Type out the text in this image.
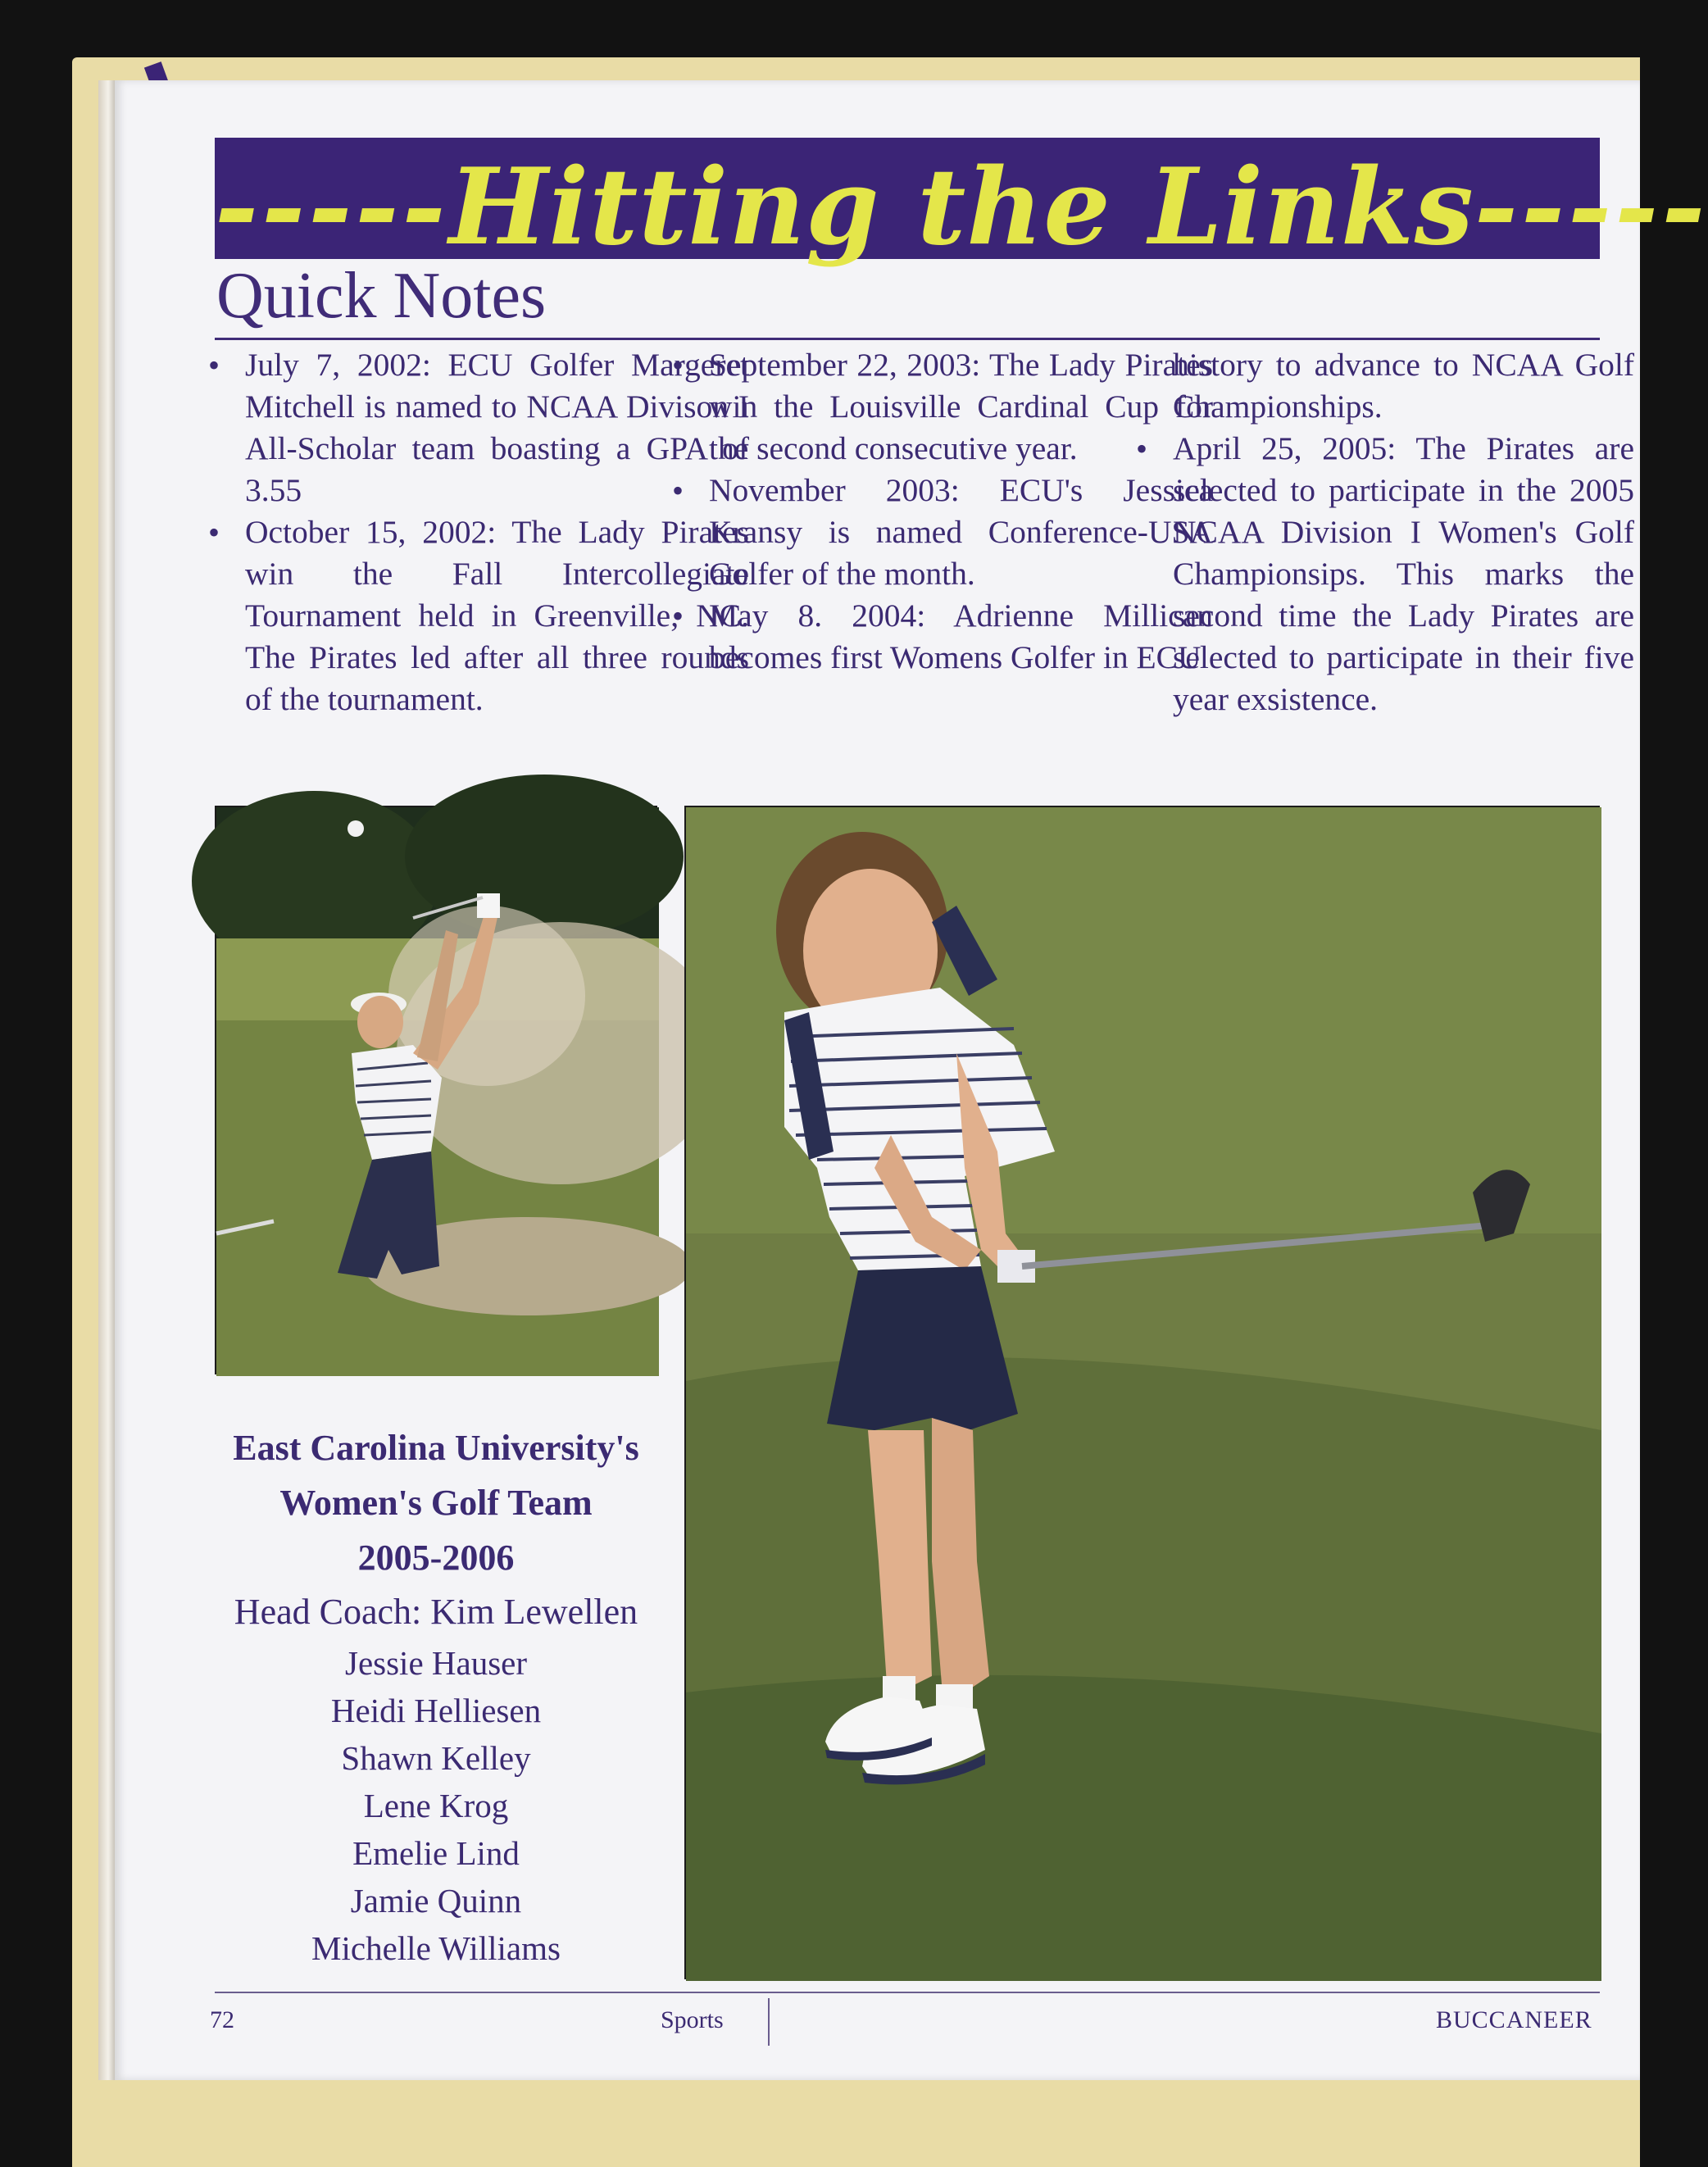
-----Hitting the Links-----
Quick Notes
• July 7, 2002: ECU Golfer Margeret Mitchell is named to NCAA Divison I All-Scholar team boasting a GPA of 3.55
• October 15, 2002: The Lady Pirates win the Fall Intercollegiate Tournament held in Greenville, NC. The Pirates led after all three rounds of the tournament.
• September 22, 2003: The Lady Pirates win the Louisville Cardinal Cup for the second consecutive year.
• November 2003: ECU's Jessica Kransy is named Conference-USA Golfer of the month.
• May 8. 2004: Adrienne Millican becomes first Womens Golfer in ECU
history to advance to NCAA Golf Championships.
• April 25, 2005: The Pirates are selected to participate in the 2005 NCAA Division I Women's Golf Championsips. This marks the second time the Lady Pirates are selected to participate in their five year exsistence.
East Carolina University's
Women's Golf Team
2005-2006
Head Coach: Kim Lewellen
Jessie Hauser
Heidi Helliesen
Shawn Kelley
Lene Krog
Emelie Lind
Jamie Quinn
Michelle Williams
72	Sports	BUCCANEER
